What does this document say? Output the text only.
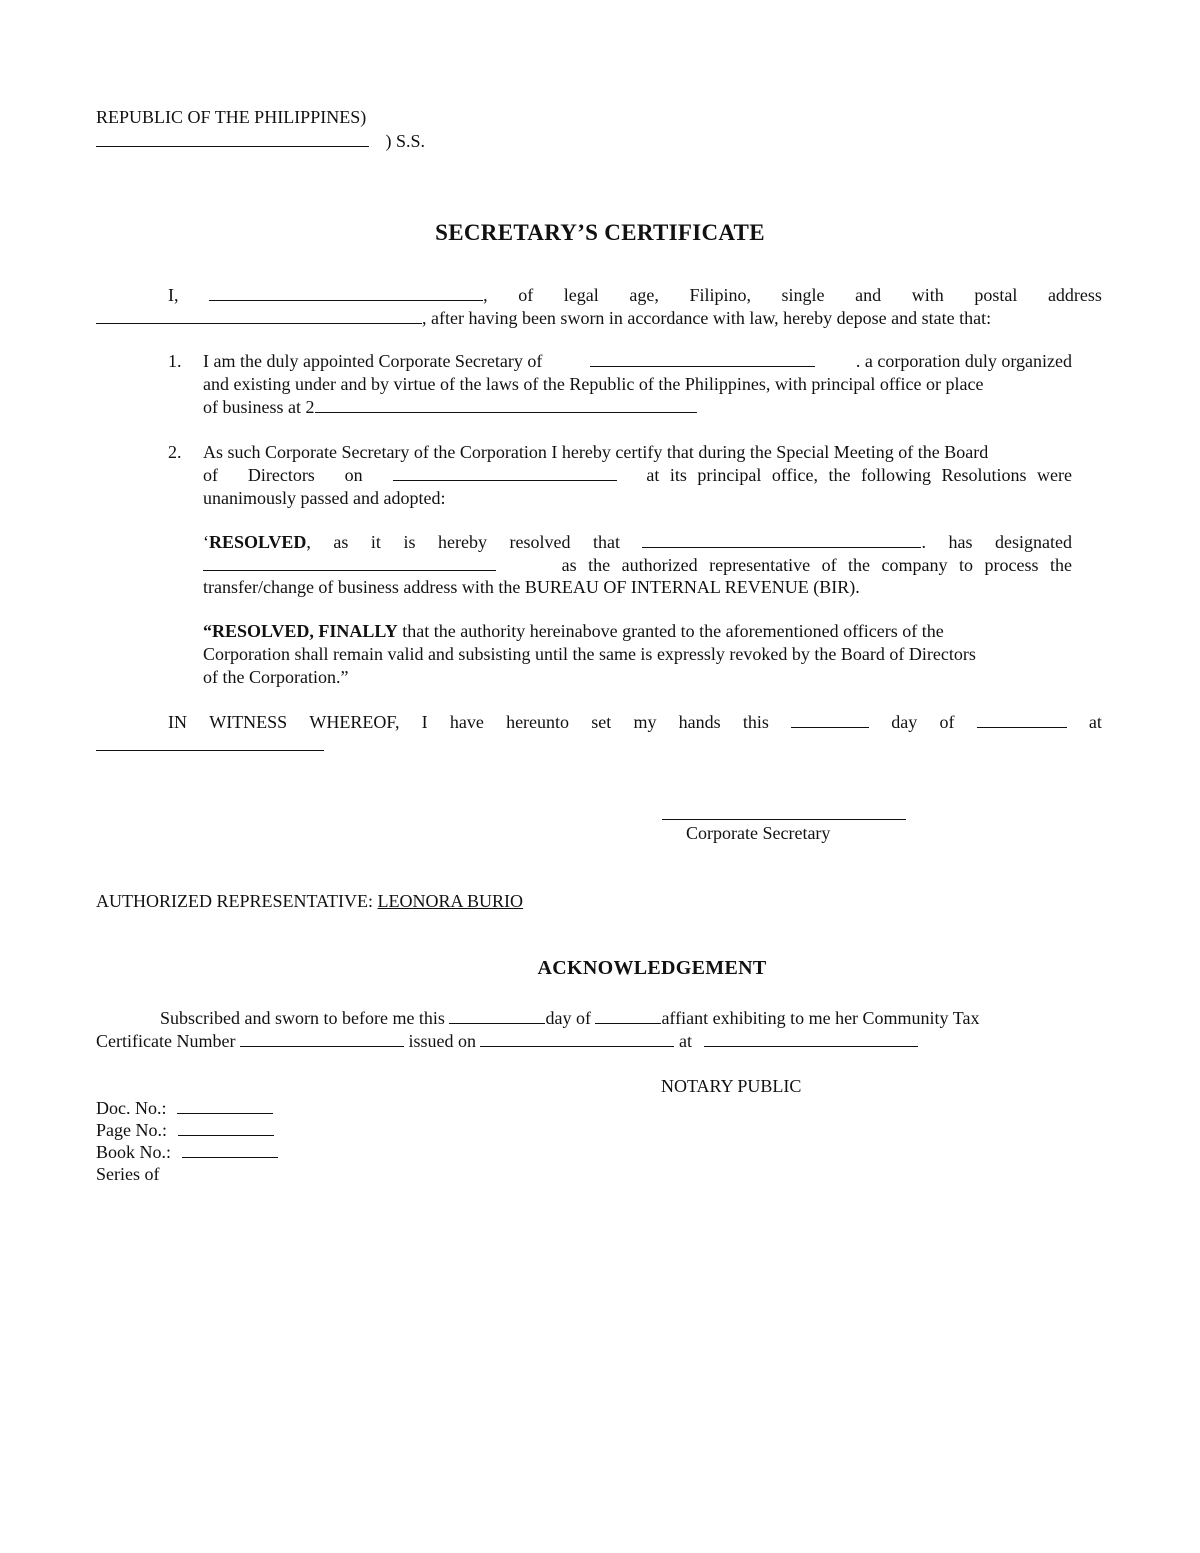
REPUBLIC OF THE PHILIPPINES)
) S.S.
SECRETARY’S CERTIFICATE
I,	, of legal age, Filipino, single and with postal address
, after having been sworn in accordance with law, hereby depose and state that:
1. I am the duly appointed Corporate Secretary of	. a corporation duly organized
and existing under and by virtue of the laws of the Republic of the Philippines, with principal office or place
of business at 2
2. As such Corporate Secretary of the Corporation I hereby certify that during the Special Meeting of the Board
of Directors on	at its principal office, the following Resolutions were
unanimously passed and adopted:
‘RESOLVED, as it is hereby resolved that	. has designated
as the authorized representative of the company to process the
transfer/change of business address with the BUREAU OF INTERNAL REVENUE (BIR).
“RESOLVED, FINALLY that the authority hereinabove granted to the aforementioned officers of the
Corporation shall remain valid and subsisting until the same is expressly revoked by the Board of Directors
of the Corporation.”
IN WITNESS WHEREOF, I have hereunto set my hands this	day of	at
Corporate Secretary
AUTHORIZED REPRESENTATIVE: LEONORA BURIO
ACKNOWLEDGEMENT
Subscribed and sworn to before me this	day of	affiant exhibiting to me her Community Tax
Certificate Number	issued on	at
NOTARY PUBLIC
Doc. No.:
Page No.:
Book No.:
Series of
